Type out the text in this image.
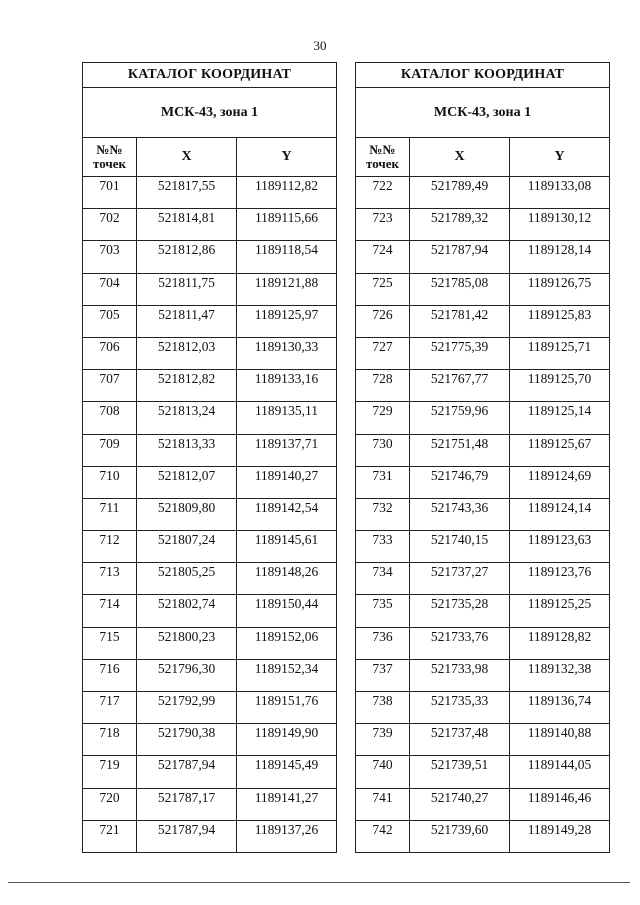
30
КАТАЛОГ КООРДИНАТ		
МСК-43, зона 1		
№№
точек	X	Y
701	521817,55	1189112,82
702	521814,81	1189115,66
703	521812,86	1189118,54
704	521811,75	1189121,88
705	521811,47	1189125,97
706	521812,03	1189130,33
707	521812,82	1189133,16
708	521813,24	1189135,11
709	521813,33	1189137,71
710	521812,07	1189140,27
711	521809,80	1189142,54
712	521807,24	1189145,61
713	521805,25	1189148,26
714	521802,74	1189150,44
715	521800,23	1189152,06
716	521796,30	1189152,34
717	521792,99	1189151,76
718	521790,38	1189149,90
719	521787,94	1189145,49
720	521787,17	1189141,27
721	521787,94	1189137,26
КАТАЛОГ КООРДИНАТ		
МСК-43, зона 1		
№№
точек	X	Y
722	521789,49	1189133,08
723	521789,32	1189130,12
724	521787,94	1189128,14
725	521785,08	1189126,75
726	521781,42	1189125,83
727	521775,39	1189125,71
728	521767,77	1189125,70
729	521759,96	1189125,14
730	521751,48	1189125,67
731	521746,79	1189124,69
732	521743,36	1189124,14
733	521740,15	1189123,63
734	521737,27	1189123,76
735	521735,28	1189125,25
736	521733,76	1189128,82
737	521733,98	1189132,38
738	521735,33	1189136,74
739	521737,48	1189140,88
740	521739,51	1189144,05
741	521740,27	1189146,46
742	521739,60	1189149,28
